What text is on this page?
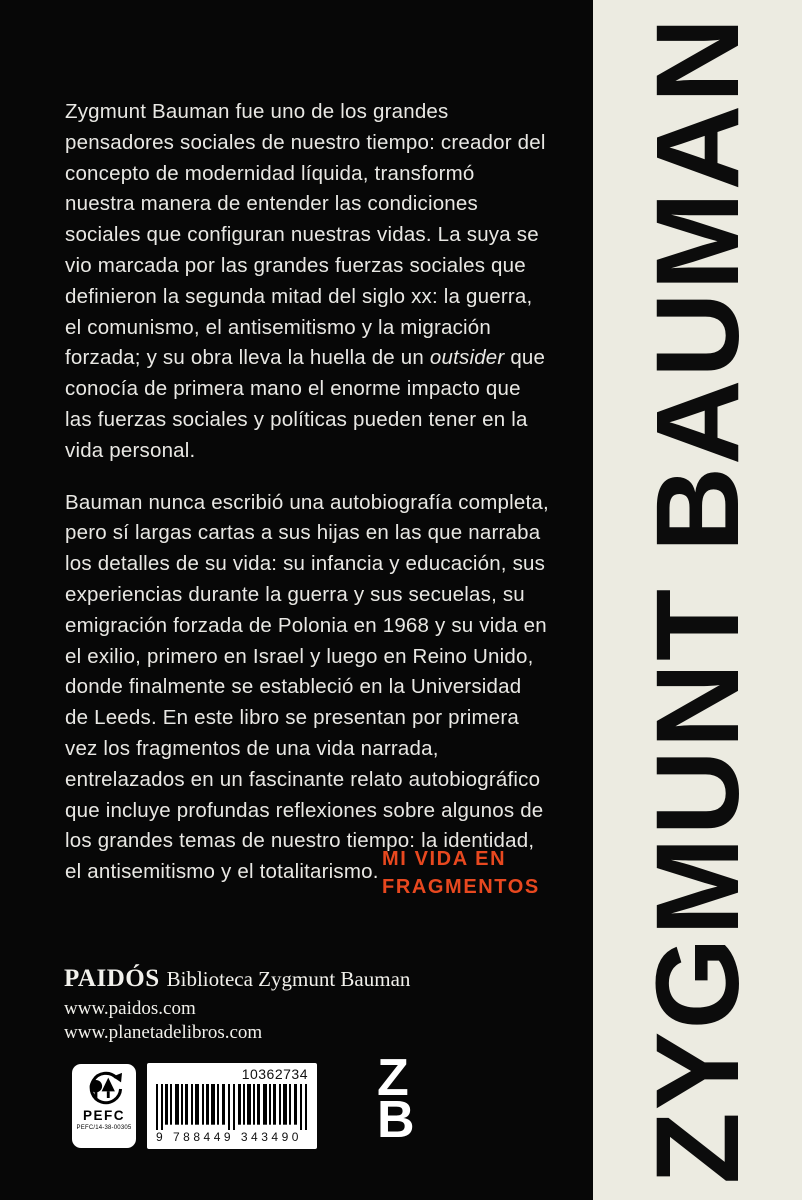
Zygmunt Bauman fue uno de los grandes pensadores sociales de nuestro tiempo: creador del concepto de modernidad líquida, transformó nuestra manera de entender las condiciones sociales que configuran nuestras vidas. La suya se vio marcada por las grandes fuerzas sociales que definieron la segunda mitad del siglo xx: la guerra, el comunismo, el antisemitismo y la migración forzada; y su obra lleva la huella de un outsider que conocía de primera mano el enorme impacto que las fuerzas sociales y políticas pueden tener en la vida personal.

Bauman nunca escribió una autobiografía completa, pero sí largas cartas a sus hijas en las que narraba los detalles de su vida: su infancia y educación, sus experiencias durante la guerra y sus secuelas, su emigración forzada de Polonia en 1968 y su vida en el exilio, primero en Israel y luego en Reino Unido, donde finalmente se estableció en la Universidad de Leeds. En este libro se presentan por primera vez los fragmentos de una vida narrada, entrelazados en un fascinante relato autobiográfico que incluye profundas reflexiones sobre algunos de los grandes temas de nuestro tiempo: la identidad, el antisemitismo y el totalitarismo.

MI VIDA EN
FRAGMENTOS
PAIDÓS Biblioteca Zygmunt Bauman
www.paidos.com
www.planetadelibros.com
PEFC
PEFC/14-38-00305
10362734
9 788449 343490
Z
B ZYGMUNT BAUMAN
